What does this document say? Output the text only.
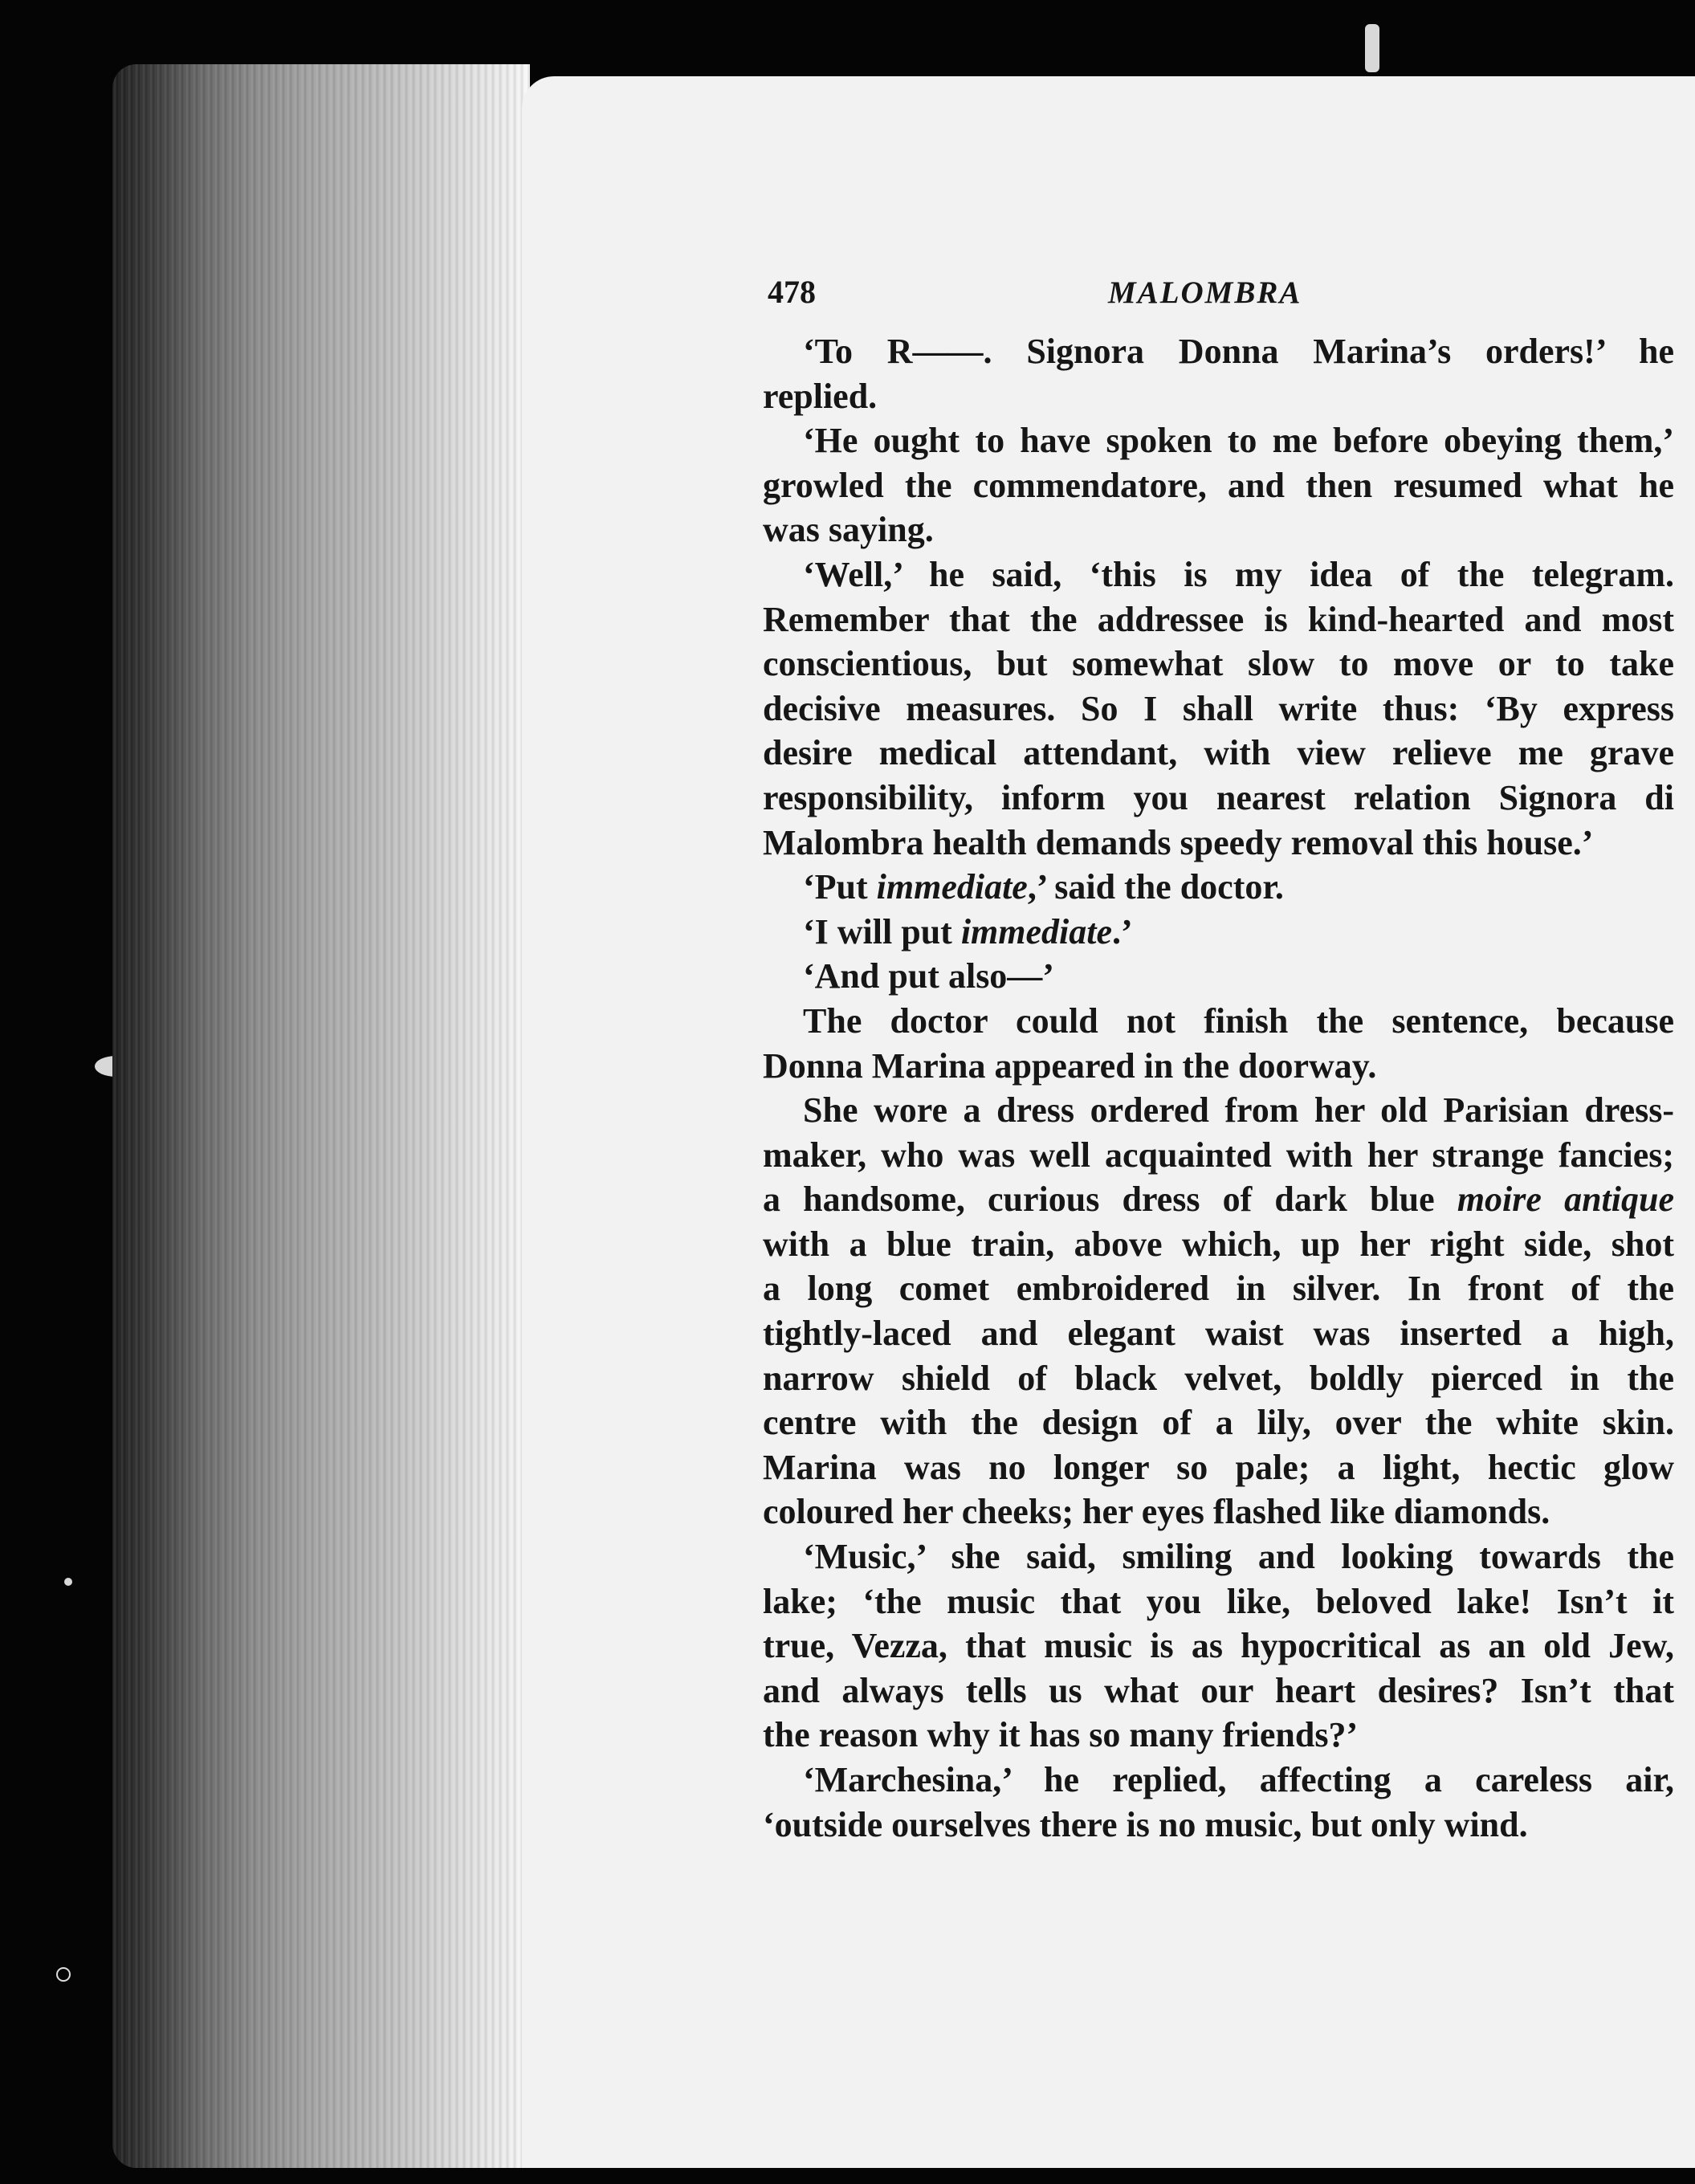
478	MALOMBRA

‘To R——. Signora Donna Marina’s orders!’ he
replied.

‘He ought to have spoken to me before obeying them,’
growled the commendatore, and then resumed what he
was saying.

‘Well,’ he said, ‘this is my idea of the telegram.
Remember that the addressee is kind-hearted and most
conscientious, but somewhat slow to move or to take
decisive measures. So I shall write thus: ‘By express
desire medical attendant, with view relieve me grave
responsibility, inform you nearest relation Signora di
Malombra health demands speedy removal this house.’

‘Put immediate,’ said the doctor.

‘I will put immediate.’

‘And put also—’

The doctor could not finish the sentence, because
Donna Marina appeared in the doorway.

She wore a dress ordered from her old Parisian dress-
maker, who was well acquainted with her strange fancies;
a handsome, curious dress of dark blue moire antique
with a blue train, above which, up her right side, shot
a long comet embroidered in silver. In front of the
tightly-laced and elegant waist was inserted a high,
narrow shield of black velvet, boldly pierced in the
centre with the design of a lily, over the white skin.
Marina was no longer so pale; a light, hectic glow
coloured her cheeks; her eyes flashed like diamonds.

‘Music,’ she said, smiling and looking towards the
lake; ‘the music that you like, beloved lake! Isn’t it
true, Vezza, that music is as hypocritical as an old Jew,
and always tells us what our heart desires? Isn’t that
the reason why it has so many friends?’

‘Marchesina,’ he replied, affecting a careless air,
‘outside ourselves there is no music, but only wind.
